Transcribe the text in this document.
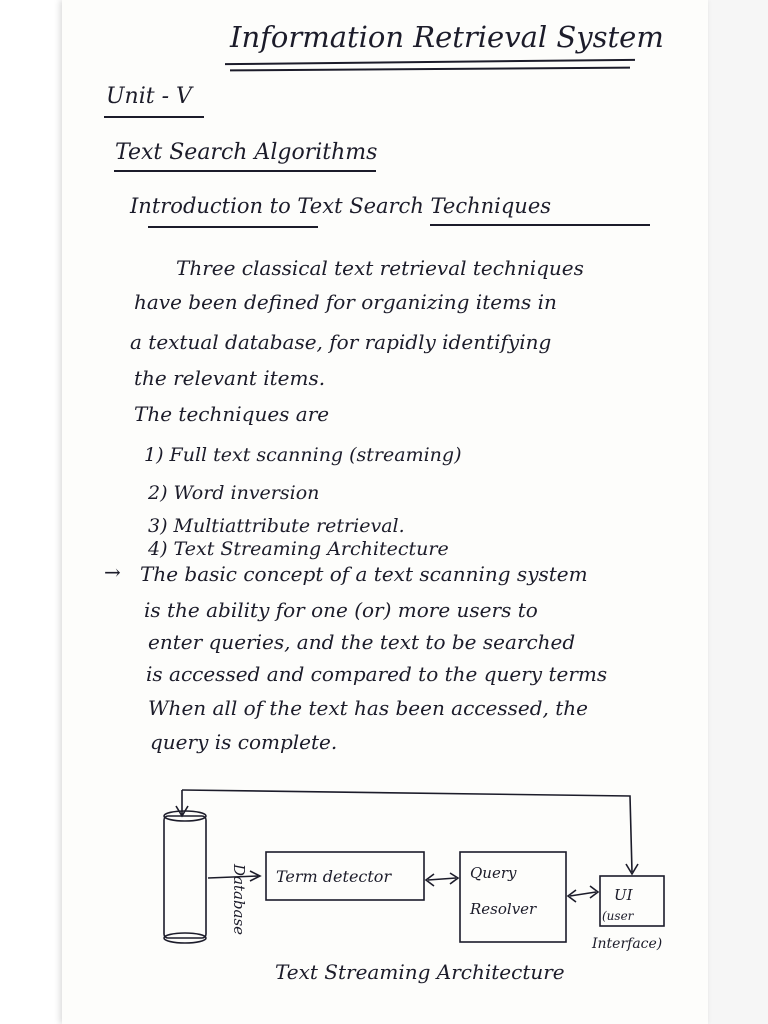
Information Retrieval System
Unit - V
Text Search Algorithms
Introduction to Text Search Techniques
Three classical text retrieval techniques
have been defined for organizing items in
a textual database, for rapidly identifying
the relevant items.
The techniques are
1) Full text scanning (streaming)
2) Word inversion
3) Multiattribute retrieval.
4) Text Streaming Architecture
→ The basic concept of a text scanning system
is the ability for one (or) more users to
enter queries, and the text to be searched
is accessed and compared to the query terms
When all of the text has been accessed, the
query is complete.
Database Term detector	Query
Resolver
UI
(user
Interface)
Text Streaming Architecture
